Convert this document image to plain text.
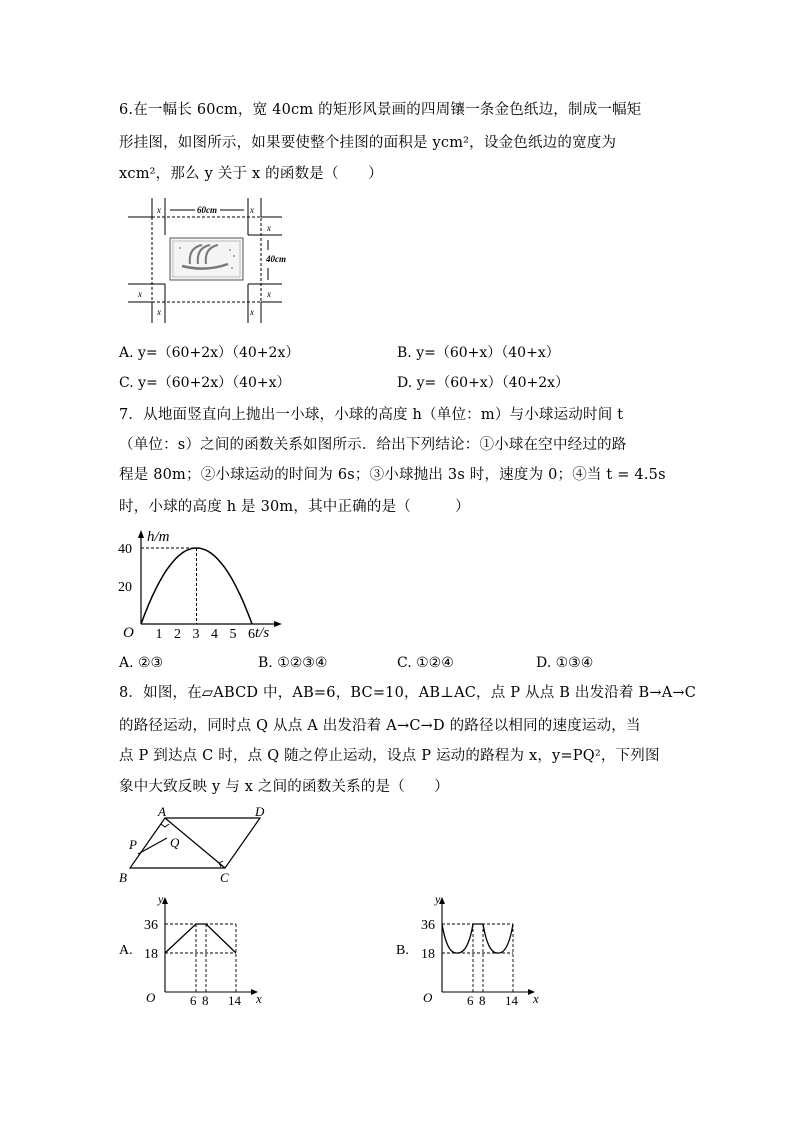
6.在一幅长 60cm，宽 40cm 的矩形风景画的四周镶一条金色纸边，制成一幅矩
形挂图，如图所示，如果要使整个挂图的面积是 ycm²，设金色纸边的宽度为
xcm²，那么 y 关于 x 的函数是（　　）
60cm
40cm
x	x
x
x
x
x	x
A. y=（60+2x）（40+2x）	B. y=（60+x）（40+x）
C. y=（60+2x）（40+x）	D. y=（60+x）（40+2x）
7．从地面竖直向上抛出一小球，小球的高度 h（单位：m）与小球运动时间 t
（单位：s）之间的函数关系如图所示．给出下列结论：①小球在空中经过的路
程是 80m；②小球运动的时间为 6s；③小球抛出 3s 时，速度为 0；④当 t = 4.5s
时，小球的高度 h 是 30m，其中正确的是（　　　）
1 2 3 4 5 6
40
20
h/m
t/s
O
A. ②③	B. ①②③④	C. ①②④	D. ①③④
8．如图，在▱ABCD 中，AB=6，BC=10，AB⊥AC，点 P 从点 B 出发沿着 B→A→C
的路径运动，同时点 Q 从点 A 出发沿着 A→C→D 的路径以相同的速度运动，当
点 P 到达点 C 时，点 Q 随之停止运动，设点 P 运动的路程为 x，y=PQ²，下列图
象中大致反映 y 与 x 之间的函数关系的是（　　）
A	D
B	C
P	Q
A.
y
x
O
36
18
6 8 14
B.
y
x
O
36
18
6 8 14
